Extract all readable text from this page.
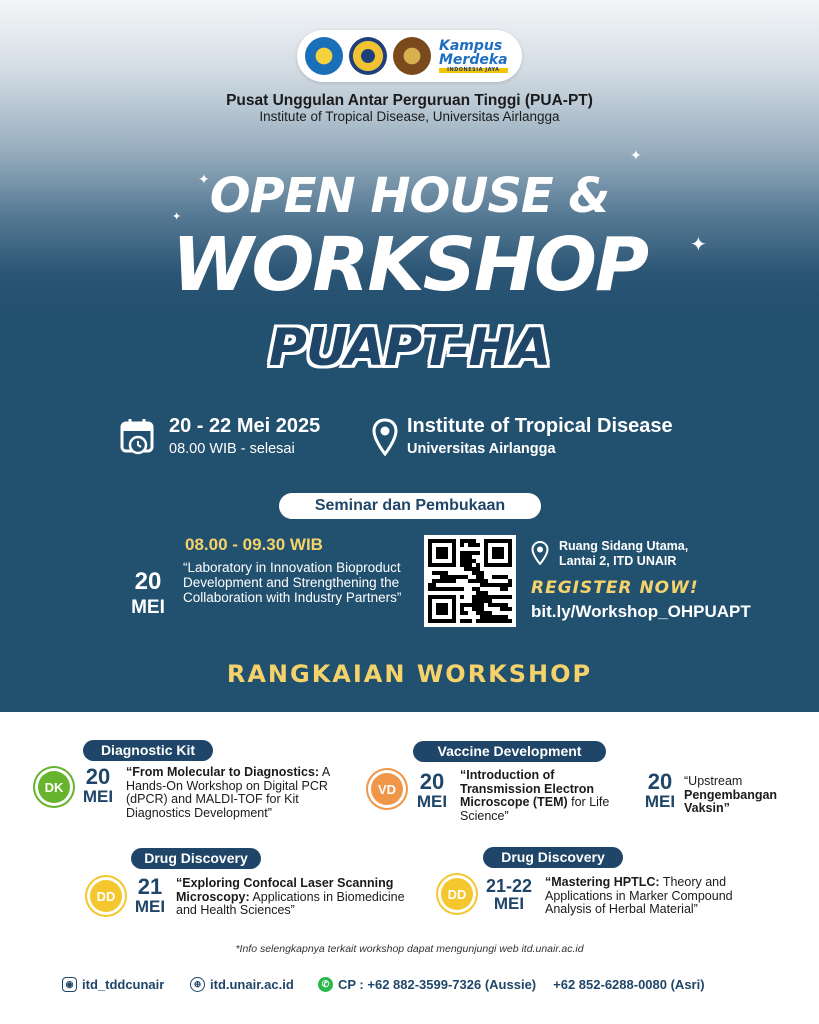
Kampus
Merdeka
INDONESIA JAYA
Pusat Unggulan Antar Perguruan Tinggi (PUA-PT)
Institute of Tropical Disease, Universitas Airlangga
✦
✦
✦
✦
OPEN HOUSE &
WORKSHOP
PUAPT-HA
20 - 22 Mei 2025
08.00 WIB - selesai
Institute of Tropical Disease
Universitas Airlangga
Seminar dan Pembukaan
08.00 - 09.30 WIB
20
MEI
“Laboratory in Innovation Bioproduct Development and Strengthening the Collaboration with Industry Partners”
Ruang Sidang Utama,
Lantai 2, ITD UNAIR
REGISTER NOW!
bit.ly/Workshop_OHPUAPT
RANGKAIAN WORKSHOP
Diagnostic Kit
DK	20
MEI
“From Molecular to Diagnostics: A Hands-On Workshop on Digital PCR (dPCR) and MALDI-TOF for Kit Diagnostics Development”
Vaccine Development
VD	20
MEI
“Introduction of Transmission Electron Microscope (TEM) for Life Science”
20
MEI
“Upstream Pengembangan Vaksin”
Drug Discovery
DD	21
MEI
“Exploring Confocal Laser Scanning Microscopy: Applications in Biomedicine and Health Sciences”
Drug Discovery
DD	21-22
MEI
“Mastering HPTLC: Theory and Applications in Marker Compound Analysis of Herbal Material”
*Info selengkapnya terkait workshop dapat mengunjungi web itd.unair.ac.id
◉ itd_tddcunair	⊕ itd.unair.ac.id	✆ CP : +62 882-3599-7326 (Aussie) +62 852-6288-0080 (Asri)
